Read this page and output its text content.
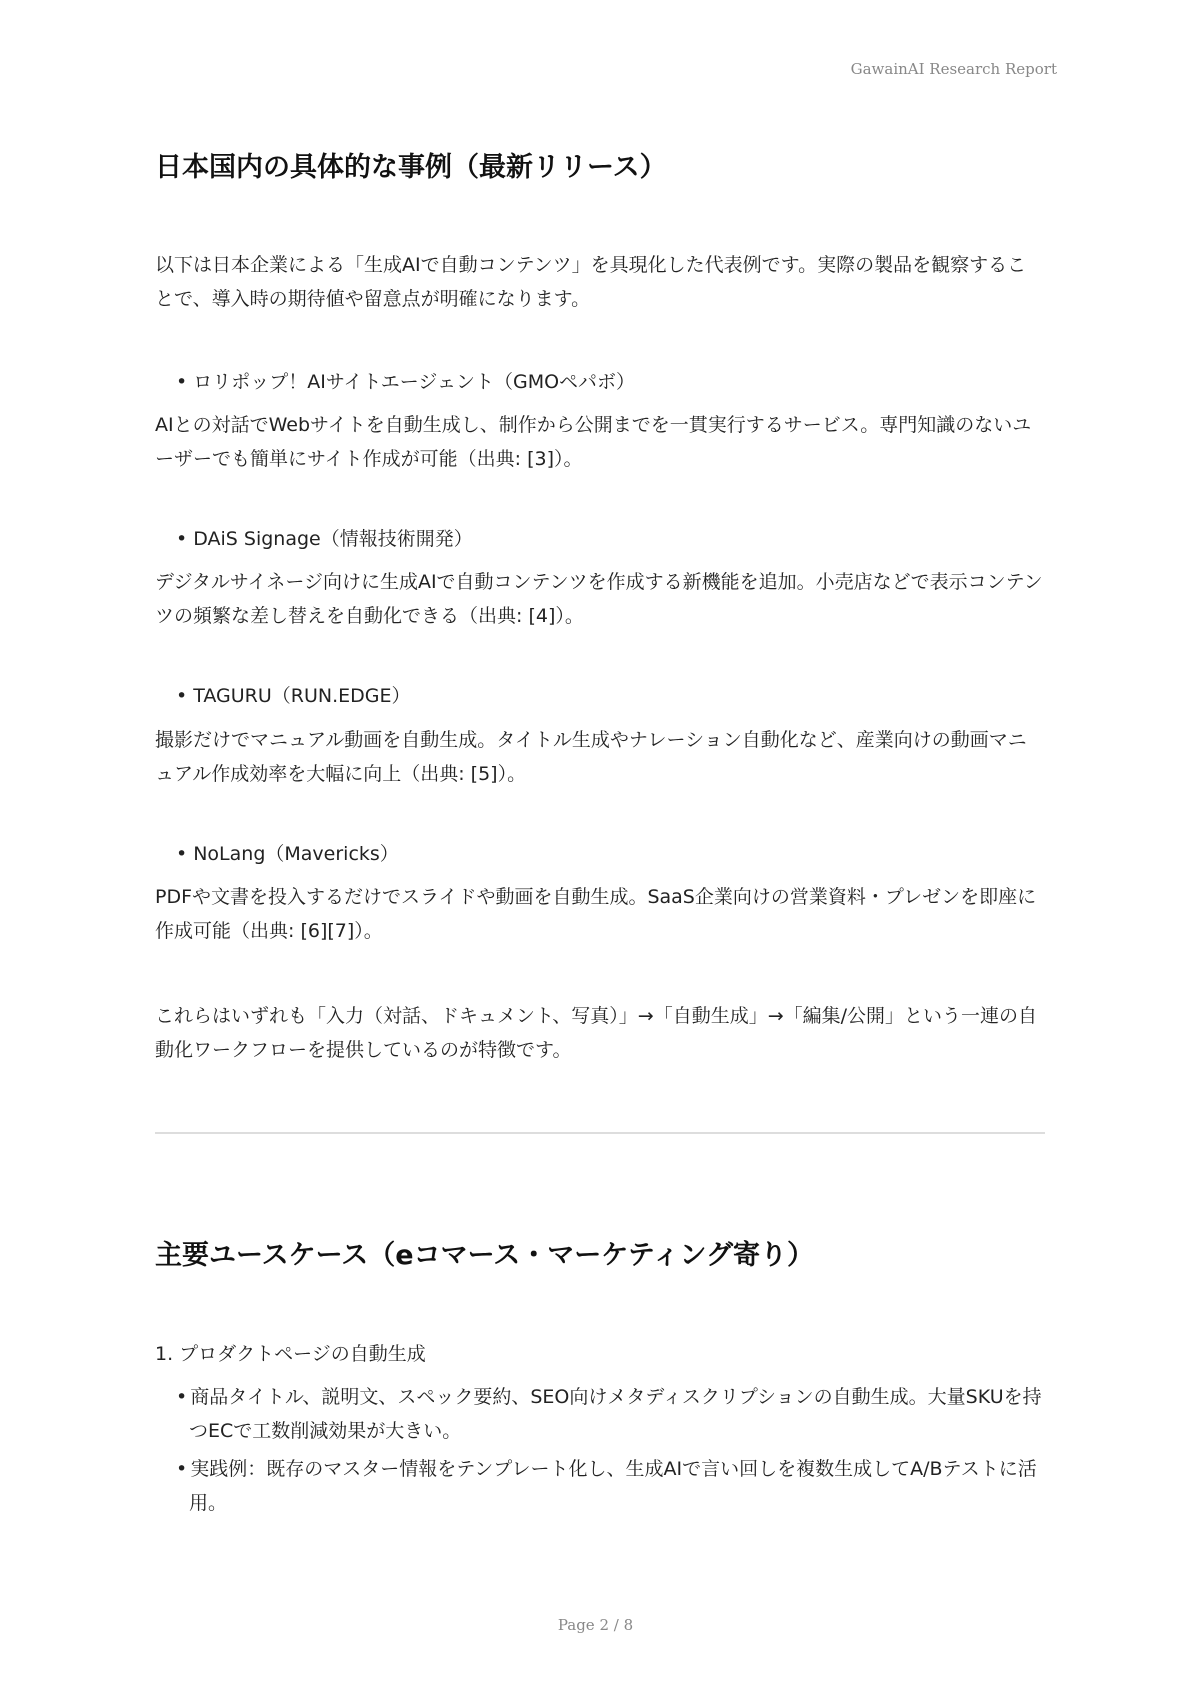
GawainAI Research Report
日本国内の具体的な事例（最新リリース）
以下は日本企業による「生成AIで自動コンテンツ」を具現化した代表例です。実際の製品を観察することで、導入時の期待値や留意点が明確になります。
• ロリポップ！AIサイトエージェント（GMOペパボ）
AIとの対話でWebサイトを自動生成し、制作から公開までを一貫実行するサービス。専門知識のないユーザーでも簡単にサイト作成が可能（出典: [3]）。
• DAiS Signage（情報技術開発）
デジタルサイネージ向けに生成AIで自動コンテンツを作成する新機能を追加。小売店などで表示コンテンツの頻繁な差し替えを自動化できる（出典: [4]）。
• TAGURU（RUN.EDGE）
撮影だけでマニュアル動画を自動生成。タイトル生成やナレーション自動化など、産業向けの動画マニュアル作成効率を大幅に向上（出典: [5]）。
• NoLang（Mavericks）
PDFや文書を投入するだけでスライドや動画を自動生成。SaaS企業向けの営業資料・プレゼンを即座に作成可能（出典: [6][7]）。
これらはいずれも「入力（対話、ドキュメント、写真）」→「自動生成」→「編集/公開」という一連の自動化ワークフローを提供しているのが特徴です。
主要ユースケース（eコマース・マーケティング寄り）
1. プロダクトページの自動生成
• 商品タイトル、説明文、スペック要約、SEO向けメタディスクリプションの自動生成。大量SKUを持つECで工数削減効果が大きい。
• 実践例：既存のマスター情報をテンプレート化し、生成AIで言い回しを複数生成してA/Bテストに活用。
Page 2 / 8
